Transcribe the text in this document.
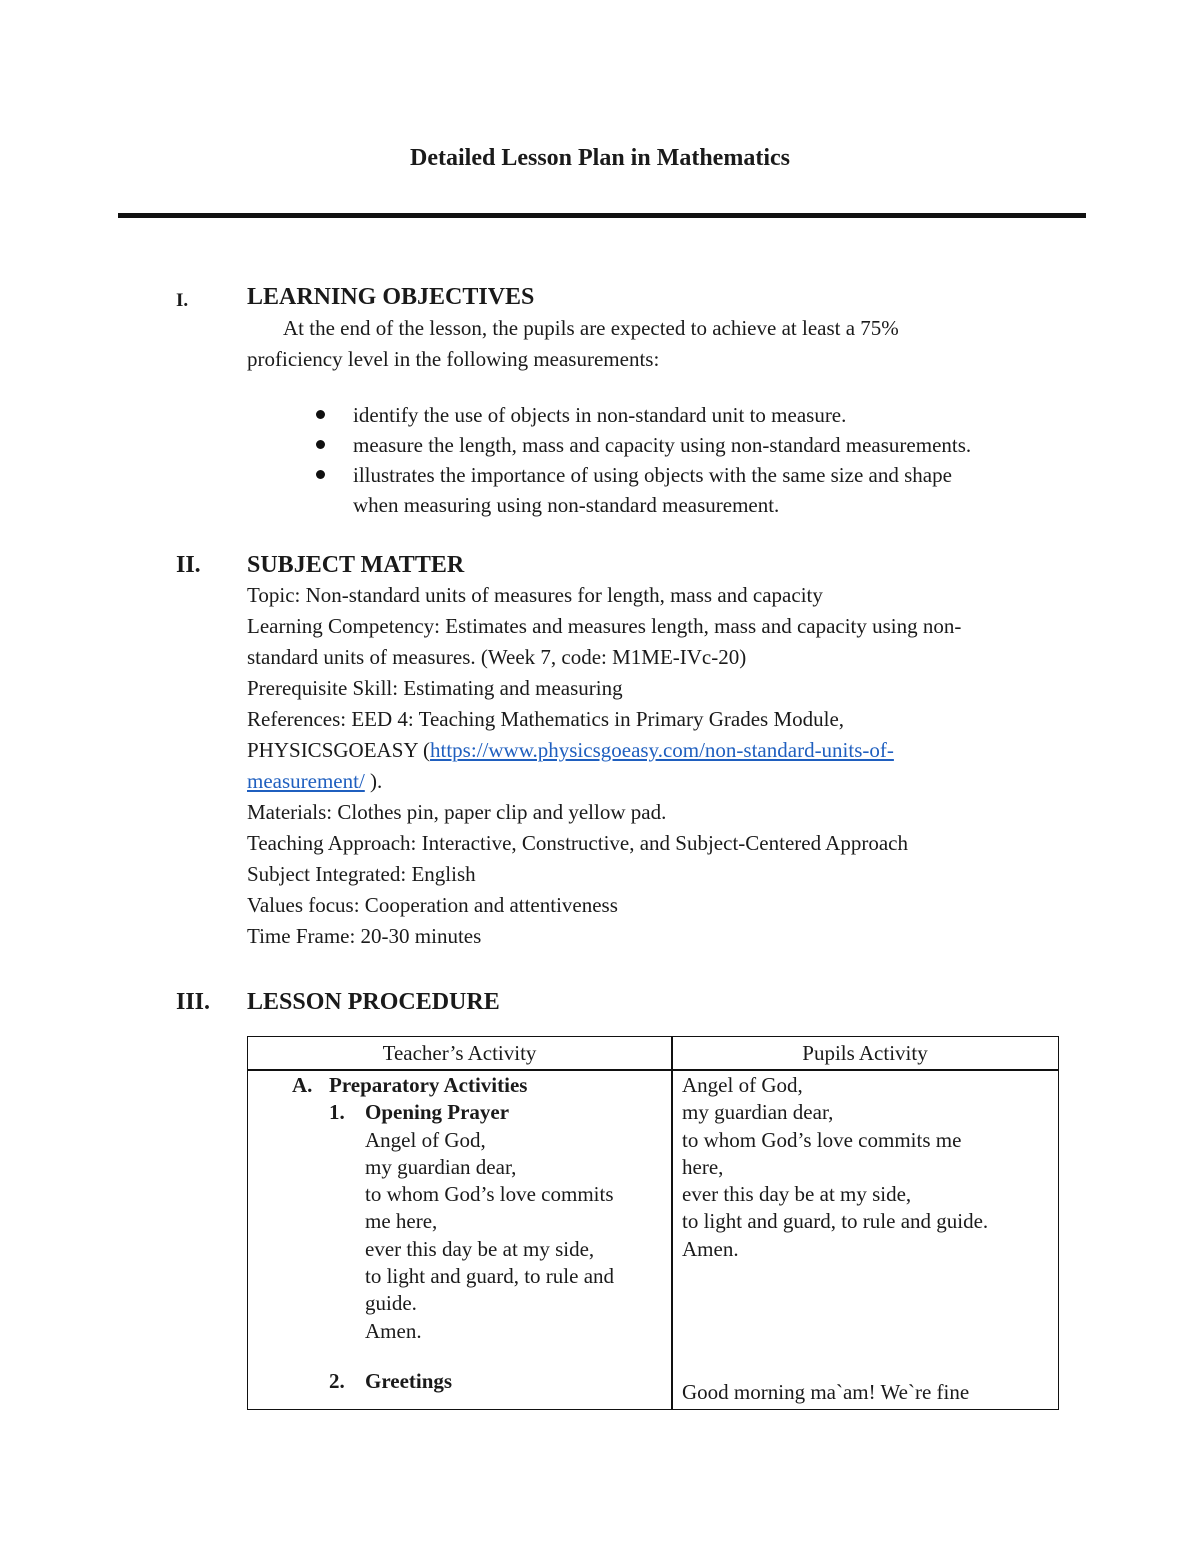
Detailed Lesson Plan in Mathematics
I. LEARNING OBJECTIVES
At the end of the lesson, the pupils are expected to achieve at least a 75%
proficiency level in the following measurements:
identify the use of objects in non-standard unit to measure.
measure the length, mass and capacity using non-standard measurements.
illustrates the importance of using objects with the same size and shape
when measuring using non-standard measurement.
II. SUBJECT MATTER
Topic: Non-standard units of measures for length, mass and capacity
Learning Competency: Estimates and measures length, mass and capacity using non-
standard units of measures. (Week 7, code: M1ME-IVc-20)
Prerequisite Skill: Estimating and measuring
References: EED 4: Teaching Mathematics in Primary Grades Module,
PHYSICSGOEASY (https://www.physicsgoeasy.com/non-standard-units-of-
measurement/ ).
Materials: Clothes pin, paper clip and yellow pad.
Teaching Approach: Interactive, Constructive, and Subject-Centered Approach
Subject Integrated: English
Values focus: Cooperation and attentiveness
Time Frame: 20-30 minutes
III. LESSON PROCEDURE
Teacher’s Activity	Pupils Activity
A. Preparatory Activities
1. Opening Prayer
Angel of God,
my guardian dear,
to whom God’s love commits
me here,
ever this day be at my side,
to light and guard, to rule and
guide.
Amen.
2. Greetings
Angel of God,
my guardian dear,
to whom God’s love commits me
here,
ever this day be at my side,
to light and guard, to rule and guide.
Amen.
Good morning ma`am! We`re fine
